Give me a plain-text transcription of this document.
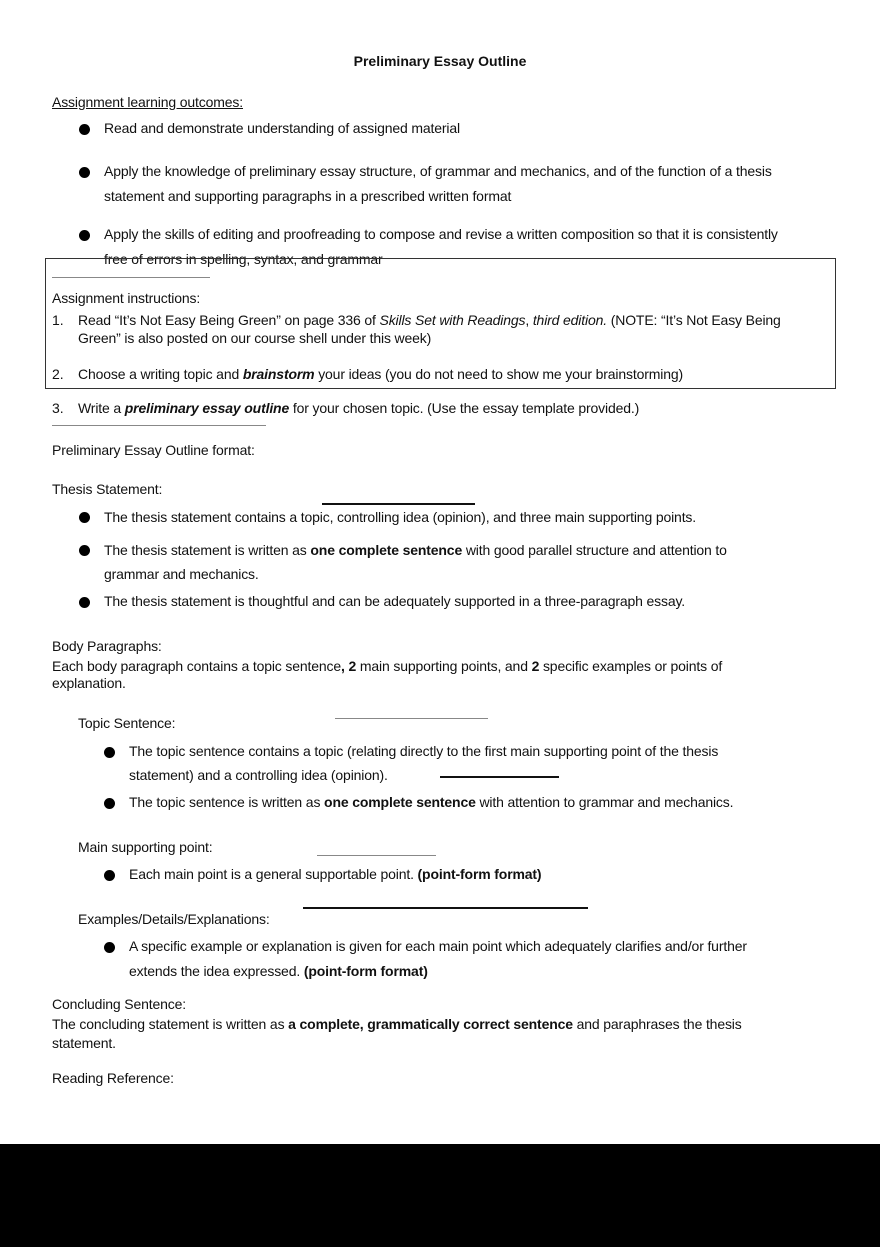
Preliminary Essay Outline
Assignment learning outcomes:
Read and demonstrate understanding of assigned material
Apply the knowledge of preliminary essay structure, of grammar and mechanics, and of the function of a thesis
statement and supporting paragraphs in a prescribed written format
Apply the skills of editing and proofreading to compose and revise a written composition so that it is consistently
free of errors in spelling, syntax, and grammar
Assignment instructions:
1. Read “It’s Not Easy Being Green” on page 336 of Skills Set with Readings, third edition. (NOTE: “It’s Not Easy Being
Green” is also posted on our course shell under this week)
2. Choose a writing topic and brainstorm your ideas (you do not need to show me your brainstorming)
3. Write a preliminary essay outline for your chosen topic. (Use the essay template provided.)
Preliminary Essay Outline format:
Thesis Statement:
The thesis statement contains a topic, controlling idea (opinion), and three main supporting points.
The thesis statement is written as one complete sentence with good parallel structure and attention to
grammar and mechanics.
The thesis statement is thoughtful and can be adequately supported in a three-paragraph essay.
Body Paragraphs:
Each body paragraph contains a topic sentence, 2 main supporting points, and 2 specific examples or points of
explanation.
Topic Sentence:
The topic sentence contains a topic (relating directly to the first main supporting point of the thesis
statement) and a controlling idea (opinion).
The topic sentence is written as one complete sentence with attention to grammar and mechanics.
Main supporting point:
Each main point is a general supportable point. (point-form format)
Examples/Details/Explanations:
A specific example or explanation is given for each main point which adequately clarifies and/or further
extends the idea expressed. (point-form format)
Concluding Sentence:
The concluding statement is written as a complete, grammatically correct sentence and paraphrases the thesis
statement.
Reading Reference:
